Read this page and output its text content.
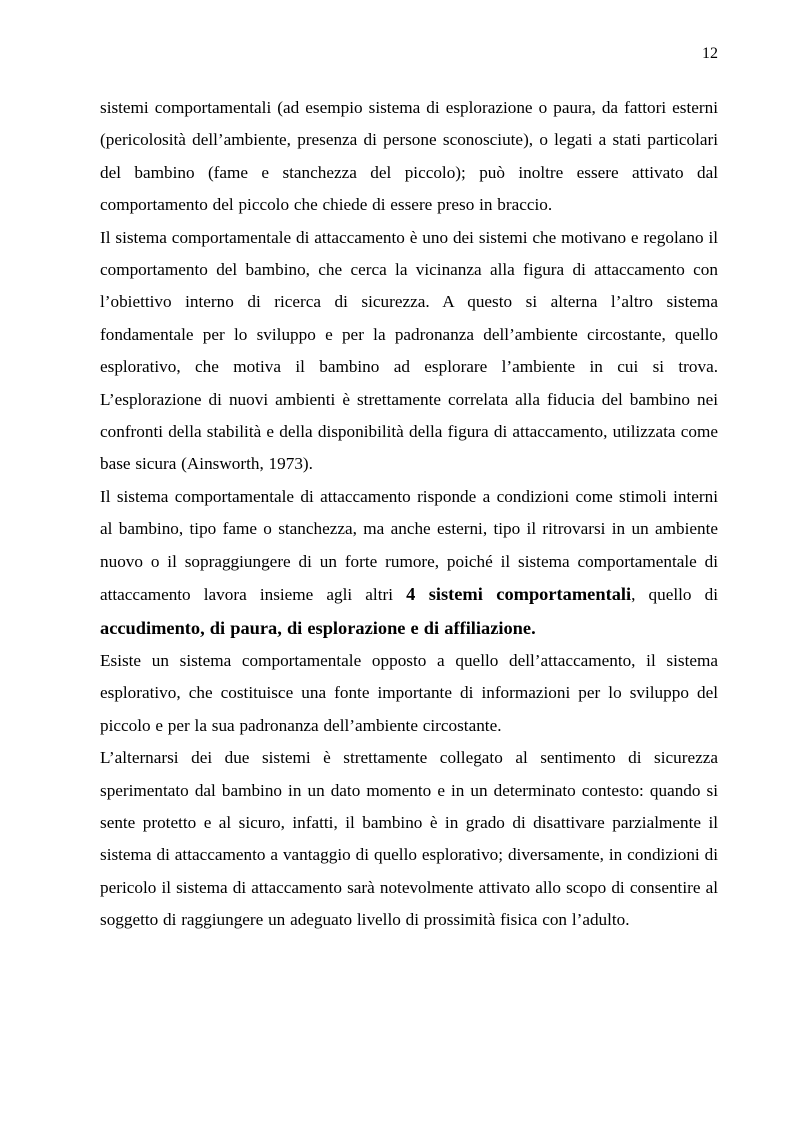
12

sistemi comportamentali (ad esempio sistema di esplorazione o paura, da fattori esterni (pericolosità dell’ambiente, presenza di persone sconosciute), o legati a stati particolari del bambino (fame e stanchezza del piccolo); può inoltre essere attivato dal comportamento del piccolo che chiede di essere preso in braccio.

Il sistema comportamentale di attaccamento è uno dei sistemi che motivano e regolano il comportamento del bambino, che cerca la vicinanza alla figura di attaccamento con l’obiettivo interno di ricerca di sicurezza. A questo si alterna l’altro sistema fondamentale per lo sviluppo e per la padronanza dell’ambiente circostante, quello esplorativo, che motiva il bambino ad esplorare l’ambiente in cui si trova. L’esplorazione di nuovi ambienti è strettamente correlata alla fiducia del bambino nei confronti della stabilità e della disponibilità della figura di attaccamento, utilizzata come base sicura (Ainsworth, 1973).

Il sistema comportamentale di attaccamento risponde a condizioni come stimoli interni al bambino, tipo fame o stanchezza, ma anche esterni, tipo il ritrovarsi in un ambiente nuovo o il sopraggiungere di un forte rumore, poiché il sistema comportamentale di attaccamento lavora insieme agli altri 4 sistemi comportamentali, quello di accudimento, di paura, di esplorazione e di affiliazione.

Esiste un sistema comportamentale opposto a quello dell’attaccamento, il sistema esplorativo, che costituisce una fonte importante di informazioni per lo sviluppo del piccolo e per la sua padronanza dell’ambiente circostante.

L’alternarsi dei due sistemi è strettamente collegato al sentimento di sicurezza sperimentato dal bambino in un dato momento e in un determinato contesto: quando si sente protetto e al sicuro, infatti, il bambino è in grado di disattivare parzialmente il sistema di attaccamento a vantaggio di quello esplorativo; diversamente, in condizioni di pericolo il sistema di attaccamento sarà notevolmente attivato allo scopo di consentire al soggetto di raggiungere un adeguato livello di prossimità fisica con l’adulto.
